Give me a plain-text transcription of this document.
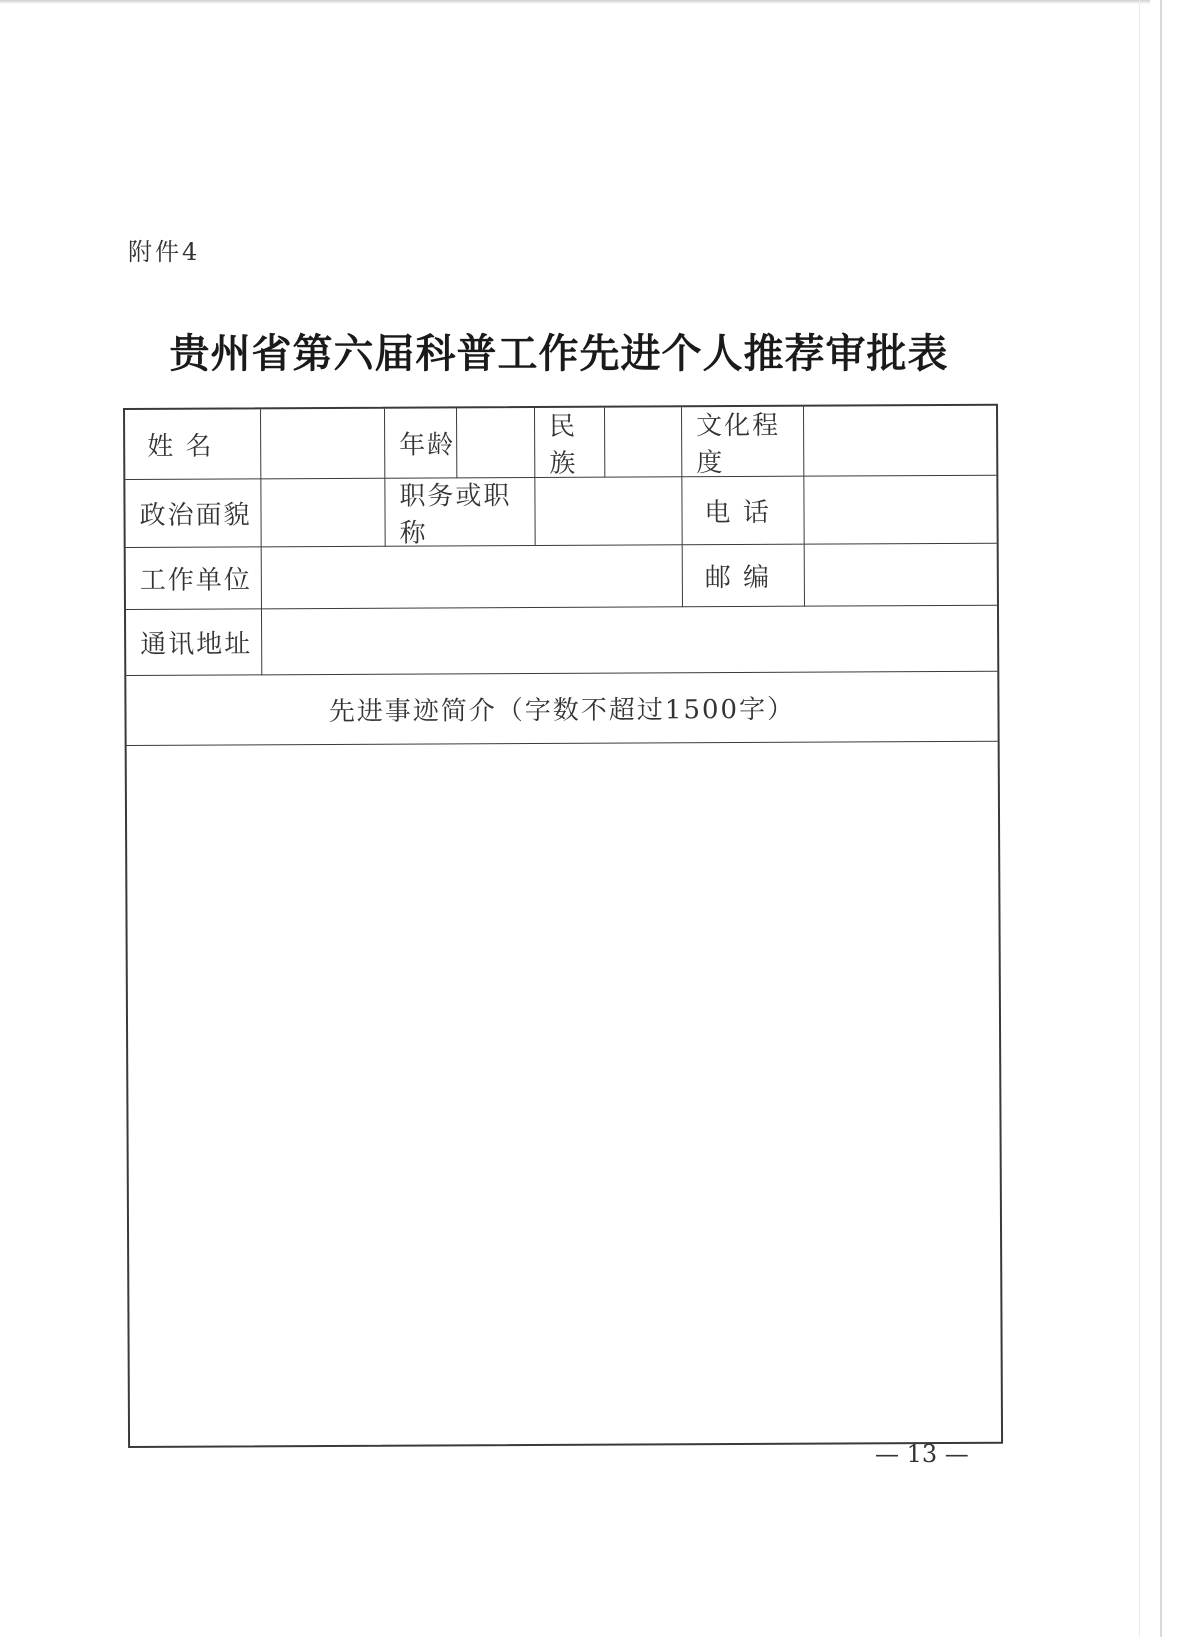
附件4
贵州省第六届科普工作先进个人推荐审批表
姓 名	年龄
民族
文化程度
政治面貌
职务或职称
电 话
工作单位	邮 编
通讯地址
先进事迹简介（字数不超过1500字）
— 13 —
